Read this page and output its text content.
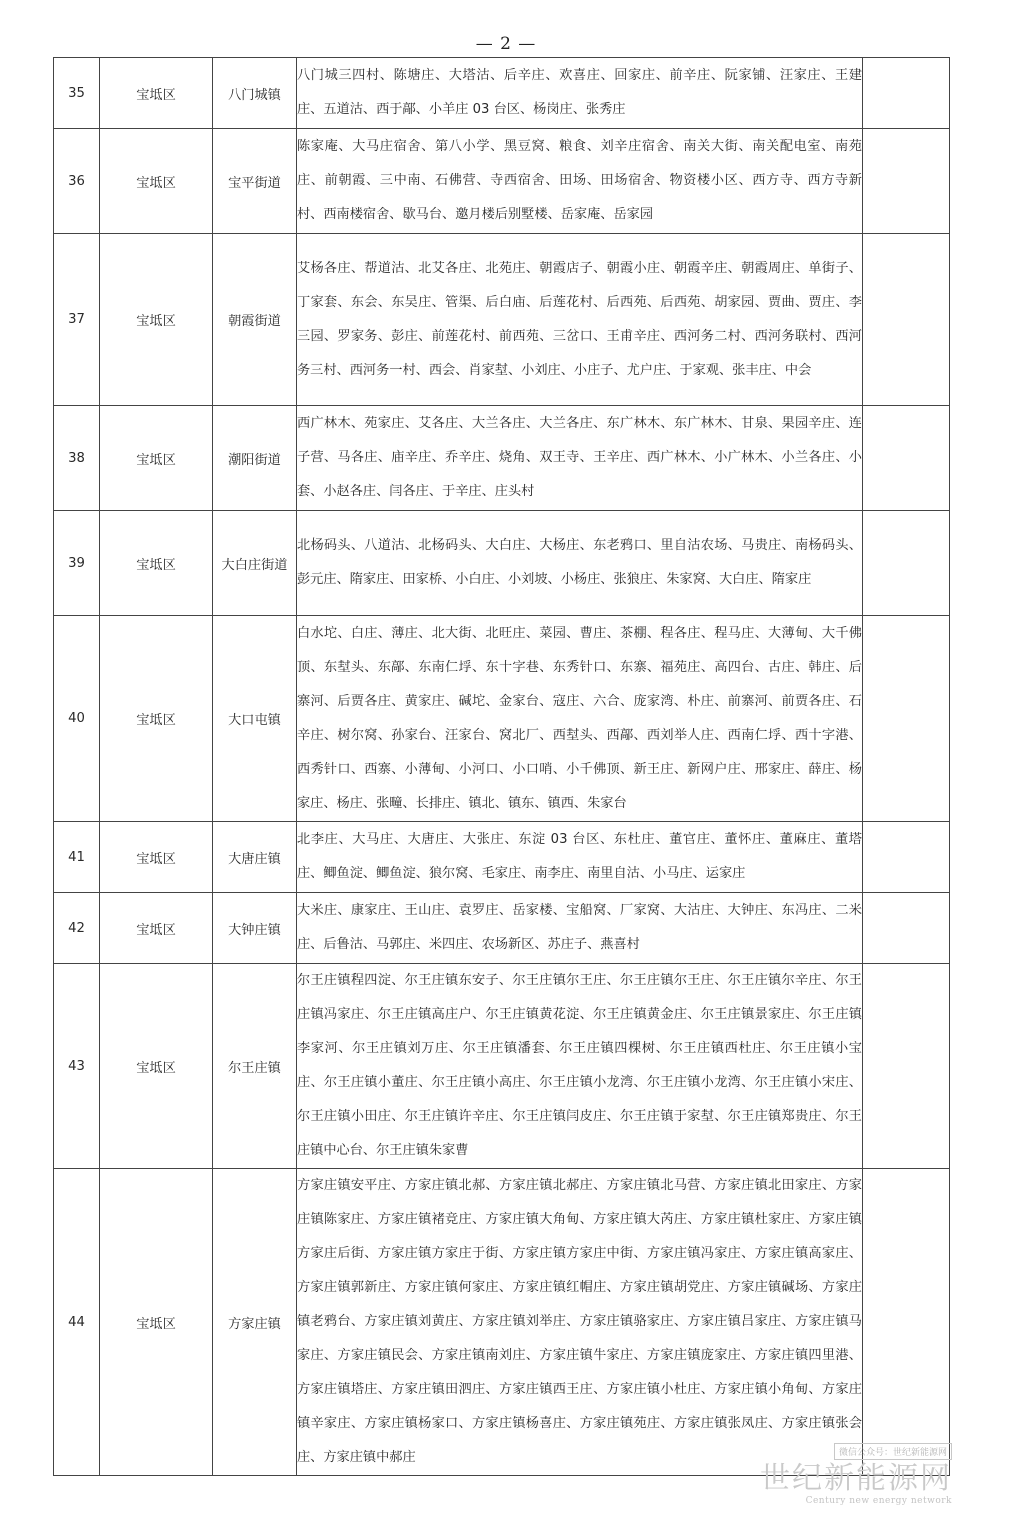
— 2 —
35	宝坻区	八门城镇	八门城三四村、陈塘庄、大塔沽、后辛庄、欢喜庄、回家庄、前辛庄、阮家铺、汪家庄、王建庄、五道沽、西于鄗、小羊庄 03 台区、杨岗庄、张秀庄	
36	宝坻区	宝平街道	陈家庵、大马庄宿舍、第八小学、黑豆窝、粮食、刘辛庄宿舍、南关大街、南关配电室、南苑庄、前朝霞、三中南、石佛营、寺西宿舍、田场、田场宿舍、物资楼小区、西方寺、西方寺新村、西南楼宿舍、歇马台、邀月楼后别墅楼、岳家庵、岳家园	
37	宝坻区	朝霞街道	艾杨各庄、帮道沽、北艾各庄、北苑庄、朝霞店子、朝霞小庄、朝霞辛庄、朝霞周庄、单街子、丁家套、东会、东吴庄、管渠、后白庙、后莲花村、后西苑、后西苑、胡家园、贾曲、贾庄、李三园、罗家务、彭庄、前莲花村、前西苑、三岔口、王甫辛庄、西河务二村、西河务联村、西河务三村、西河务一村、西会、肖家堼、小刘庄、小庄子、尤户庄、于家观、张丰庄、中会	
38	宝坻区	潮阳街道	西广林木、苑家庄、艾各庄、大兰各庄、大兰各庄、东广林木、东广林木、甘泉、果园辛庄、连子营、马各庄、庙辛庄、乔辛庄、烧角、双王寺、王辛庄、西广林木、小广林木、小兰各庄、小套、小赵各庄、闫各庄、于辛庄、庄头村	
39	宝坻区	大白庄街道	北杨码头、八道沽、北杨码头、大白庄、大杨庄、东老鸦口、里自沽农场、马贵庄、南杨码头、彭元庄、隋家庄、田家桥、小白庄、小刘坡、小杨庄、张狼庄、朱家窝、大白庄、隋家庄	
40	宝坻区	大口屯镇	白水坨、白庄、薄庄、北大街、北旺庄、菜园、曹庄、茶棚、程各庄、程马庄、大薄甸、大千佛顶、东堼头、东鄗、东南仁垺、东十字巷、东秀针口、东寨、福苑庄、高四台、古庄、韩庄、后寨河、后贾各庄、黄家庄、碱坨、金家台、寇庄、六合、庞家湾、朴庄、前寨河、前贾各庄、石辛庄、树尔窝、孙家台、汪家台、窝北厂、西堼头、西鄗、西刘举人庄、西南仁垺、西十字港、西秀针口、西寨、小薄甸、小河口、小口哨、小千佛顶、新王庄、新网户庄、邢家庄、薛庄、杨家庄、杨庄、张疃、长排庄、镇北、镇东、镇西、朱家台	
41	宝坻区	大唐庄镇	北李庄、大马庄、大唐庄、大张庄、东淀 03 台区、东杜庄、董官庄、董怀庄、董麻庄、董塔庄、鲫鱼淀、鲫鱼淀、狼尔窝、毛家庄、南李庄、南里自沽、小马庄、运家庄	
42	宝坻区	大钟庄镇	大米庄、康家庄、王山庄、袁罗庄、岳家楼、宝船窝、厂家窝、大沽庄、大钟庄、东冯庄、二米庄、后鲁沽、马郭庄、米四庄、农场新区、苏庄子、燕喜村	
43	宝坻区	尔王庄镇	尔王庄镇程四淀、尔王庄镇东安子、尔王庄镇尔王庄、尔王庄镇尔王庄、尔王庄镇尔辛庄、尔王庄镇冯家庄、尔王庄镇高庄户、尔王庄镇黄花淀、尔王庄镇黄金庄、尔王庄镇景家庄、尔王庄镇李家河、尔王庄镇刘万庄、尔王庄镇潘套、尔王庄镇四棵树、尔王庄镇西杜庄、尔王庄镇小宝庄、尔王庄镇小董庄、尔王庄镇小高庄、尔王庄镇小龙湾、尔王庄镇小龙湾、尔王庄镇小宋庄、尔王庄镇小田庄、尔王庄镇许辛庄、尔王庄镇闫皮庄、尔王庄镇于家堼、尔王庄镇郑贵庄、尔王庄镇中心台、尔王庄镇朱家曹	
44	宝坻区	方家庄镇	方家庄镇安平庄、方家庄镇北郝、方家庄镇北郝庄、方家庄镇北马营、方家庄镇北田家庄、方家庄镇陈家庄、方家庄镇褚竞庄、方家庄镇大角甸、方家庄镇大芮庄、方家庄镇杜家庄、方家庄镇方家庄后街、方家庄镇方家庄于街、方家庄镇方家庄中街、方家庄镇冯家庄、方家庄镇高家庄、方家庄镇郭新庄、方家庄镇何家庄、方家庄镇红帽庄、方家庄镇胡党庄、方家庄镇碱场、方家庄镇老鸦台、方家庄镇刘黄庄、方家庄镇刘举庄、方家庄镇骆家庄、方家庄镇吕家庄、方家庄镇马家庄、方家庄镇民会、方家庄镇南刘庄、方家庄镇牛家庄、方家庄镇庞家庄、方家庄镇四里港、方家庄镇塔庄、方家庄镇田泗庄、方家庄镇西王庄、方家庄镇小杜庄、方家庄镇小角甸、方家庄镇辛家庄、方家庄镇杨家口、方家庄镇杨喜庄、方家庄镇苑庄、方家庄镇张凤庄、方家庄镇张会庄、方家庄镇中郝庄		微信公众号：世纪新能源网
世纪新能源网
Century new energy network
